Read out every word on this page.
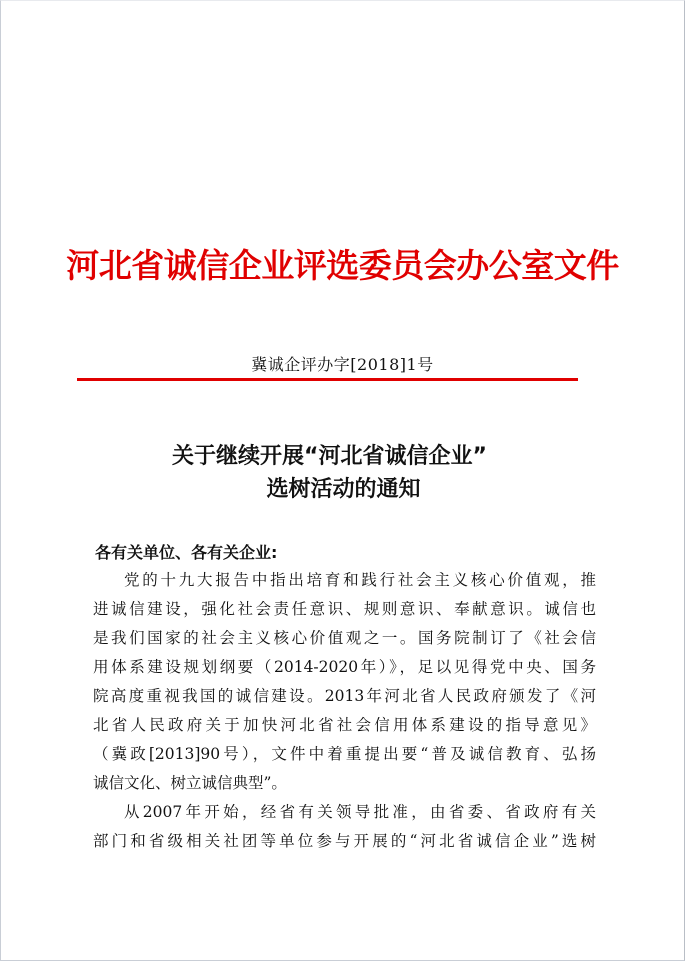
河北省诚信企业评选委员会办公室文件
冀诚企评办字[2018]1号
关于继续开展“河北省诚信企业”
选树活动的通知
各有关单位、各有关企业:
党的十九大报告中指出培育和践行社会主义核心价值观，推
进诚信建设，强化社会责任意识、规则意识、奉献意识。诚信也
是我们国家的社会主义核心价值观之一。国务院制订了《社会信
用体系建设规划纲要（2014-2020年）》，足以见得党中央、国务
院高度重视我国的诚信建设。2013年河北省人民政府颁发了《河
北省人民政府关于加快河北省社会信用体系建设的指导意见》
（冀政[2013]90号），文件中着重提出要“普及诚信教育、弘扬
诚信文化、树立诚信典型”。
从2007年开始，经省有关领导批准，由省委、省政府有关
部门和省级相关社团等单位参与开展的“河北省诚信企业”选树
